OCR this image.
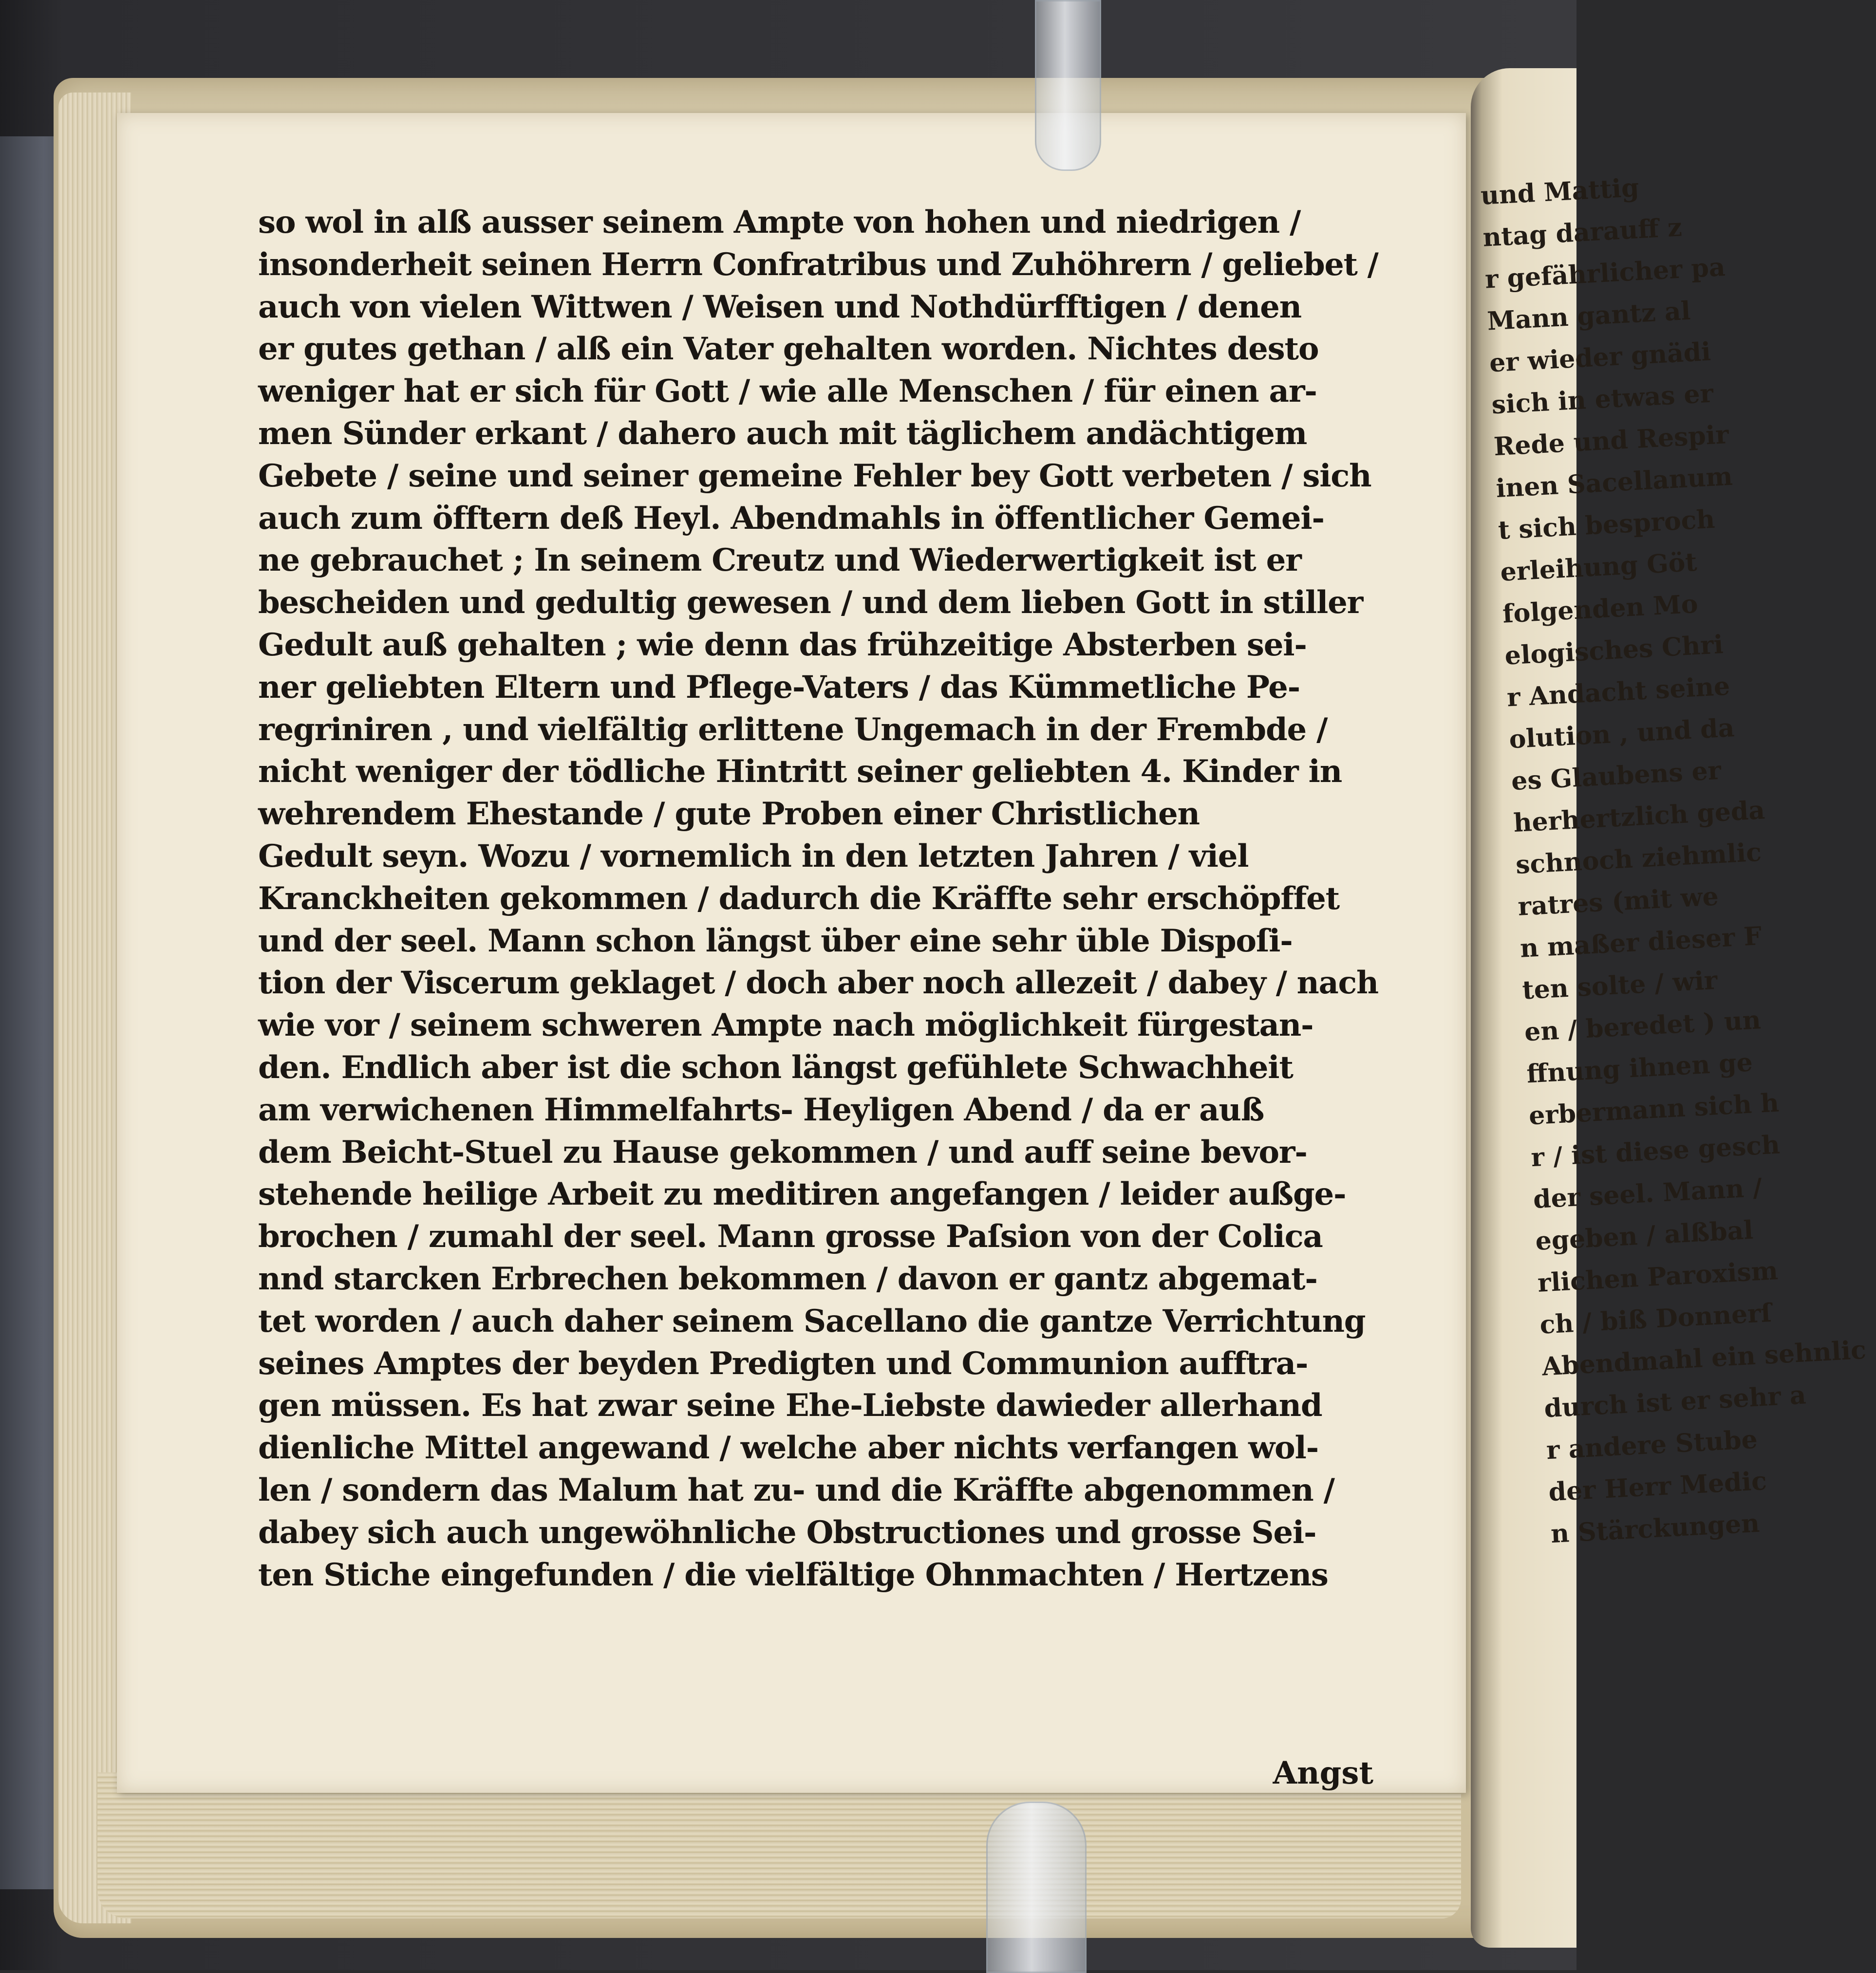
so wol in alß ausser seinem Ampte von hohen und niedrigen /
insonderheit seinen Herrn Confratribus und Zuhöhrern / geliebet /
auch von vielen Wittwen / Weisen und Nothdürfftigen / denen
er gutes gethan / alß ein Vater gehalten worden. Nichtes desto
weniger hat er sich für Gott / wie alle Menschen / für einen ar-
men Sünder erkant / dahero auch mit täglichem andächtigem
Gebete / seine und seiner gemeine Fehler bey Gott verbeten / sich
auch zum öfftern deß Heyl. Abendmahls in öffentlicher Gemei-
ne gebrauchet ; In seinem Creutz und Wiederwertigkeit ist er
bescheiden und gedultig gewesen / und dem lieben Gott in stiller
Gedult auß gehalten ; wie denn das frühzeitige Absterben sei-
ner geliebten Eltern und Pflege-Vaters / das Kümmetliche Pe-
regriniren , und vielfältig erlittene Ungemach in der Frembde /
nicht weniger der tödliche Hintritt seiner geliebten 4. Kinder in
wehrendem Ehestande / gute Proben einer Christlichen
Gedult seyn. Wozu / vornemlich in den letzten Jahren / viel
Kranckheiten gekommen / dadurch die Kräffte sehr erschöpffet
und der seel. Mann schon längst über eine sehr üble Dispoſi-
tion der Viscerum geklaget / doch aber noch allezeit / dabey / nach
wie vor / seinem schweren Ampte nach möglichkeit fürgestan-
den. Endlich aber ist die schon längst gefühlete Schwachheit
am verwichenen Himmelfahrts- Heyligen Abend / da er auß
dem Beicht-Stuel zu Hause gekommen / und auff seine bevor-
stehende heilige Arbeit zu meditiren angefangen / leider außge-
brochen / zumahl der seel. Mann grosse Paſsion von der Colica
nnd starcken Erbrechen bekommen / davon er gantz abgemat-
tet worden / auch daher seinem Sacellano die gantze Verrichtung
seines Amptes der beyden Predigten und Communion aufftra-
gen müssen. Es hat zwar seine Ehe-Liebste dawieder allerhand
dienliche Mittel angewand / welche aber nichts verfangen wol-
len / sondern das Malum hat zu- und die Kräffte abgenommen /
dabey sich auch ungewöhnliche Obstructiones und grosse Sei-
ten Stiche eingefunden / die vielfältige Ohnmachten / Hertzens
Angst
und Mattig
ntag darauff z
r gefährlicher pa
Mann gantz al
er wieder gnädi
sich in etwas er
Rede und Respir
inen Sacellanum
t sich besproch
erleihung Göt
folgenden Mo
elogisches Chri
r Andacht seine
olution , und da
es Glaubens er
herhertzlich geda
schnoch ziehmlic
ratres (mit we
n maßer dieser F
ten solte / wir
en / beredet ) un
ffnung ihnen ge
erbermann sich h
r / ist diese gesch
der seel. Mann /
egeben / alßbal
rlichen Paroxism
ch / biß Donnerſ
Abendmahl ein sehnlic
durch ist er sehr a
r andere Stube
der Herr Medic
n Stärckungen
